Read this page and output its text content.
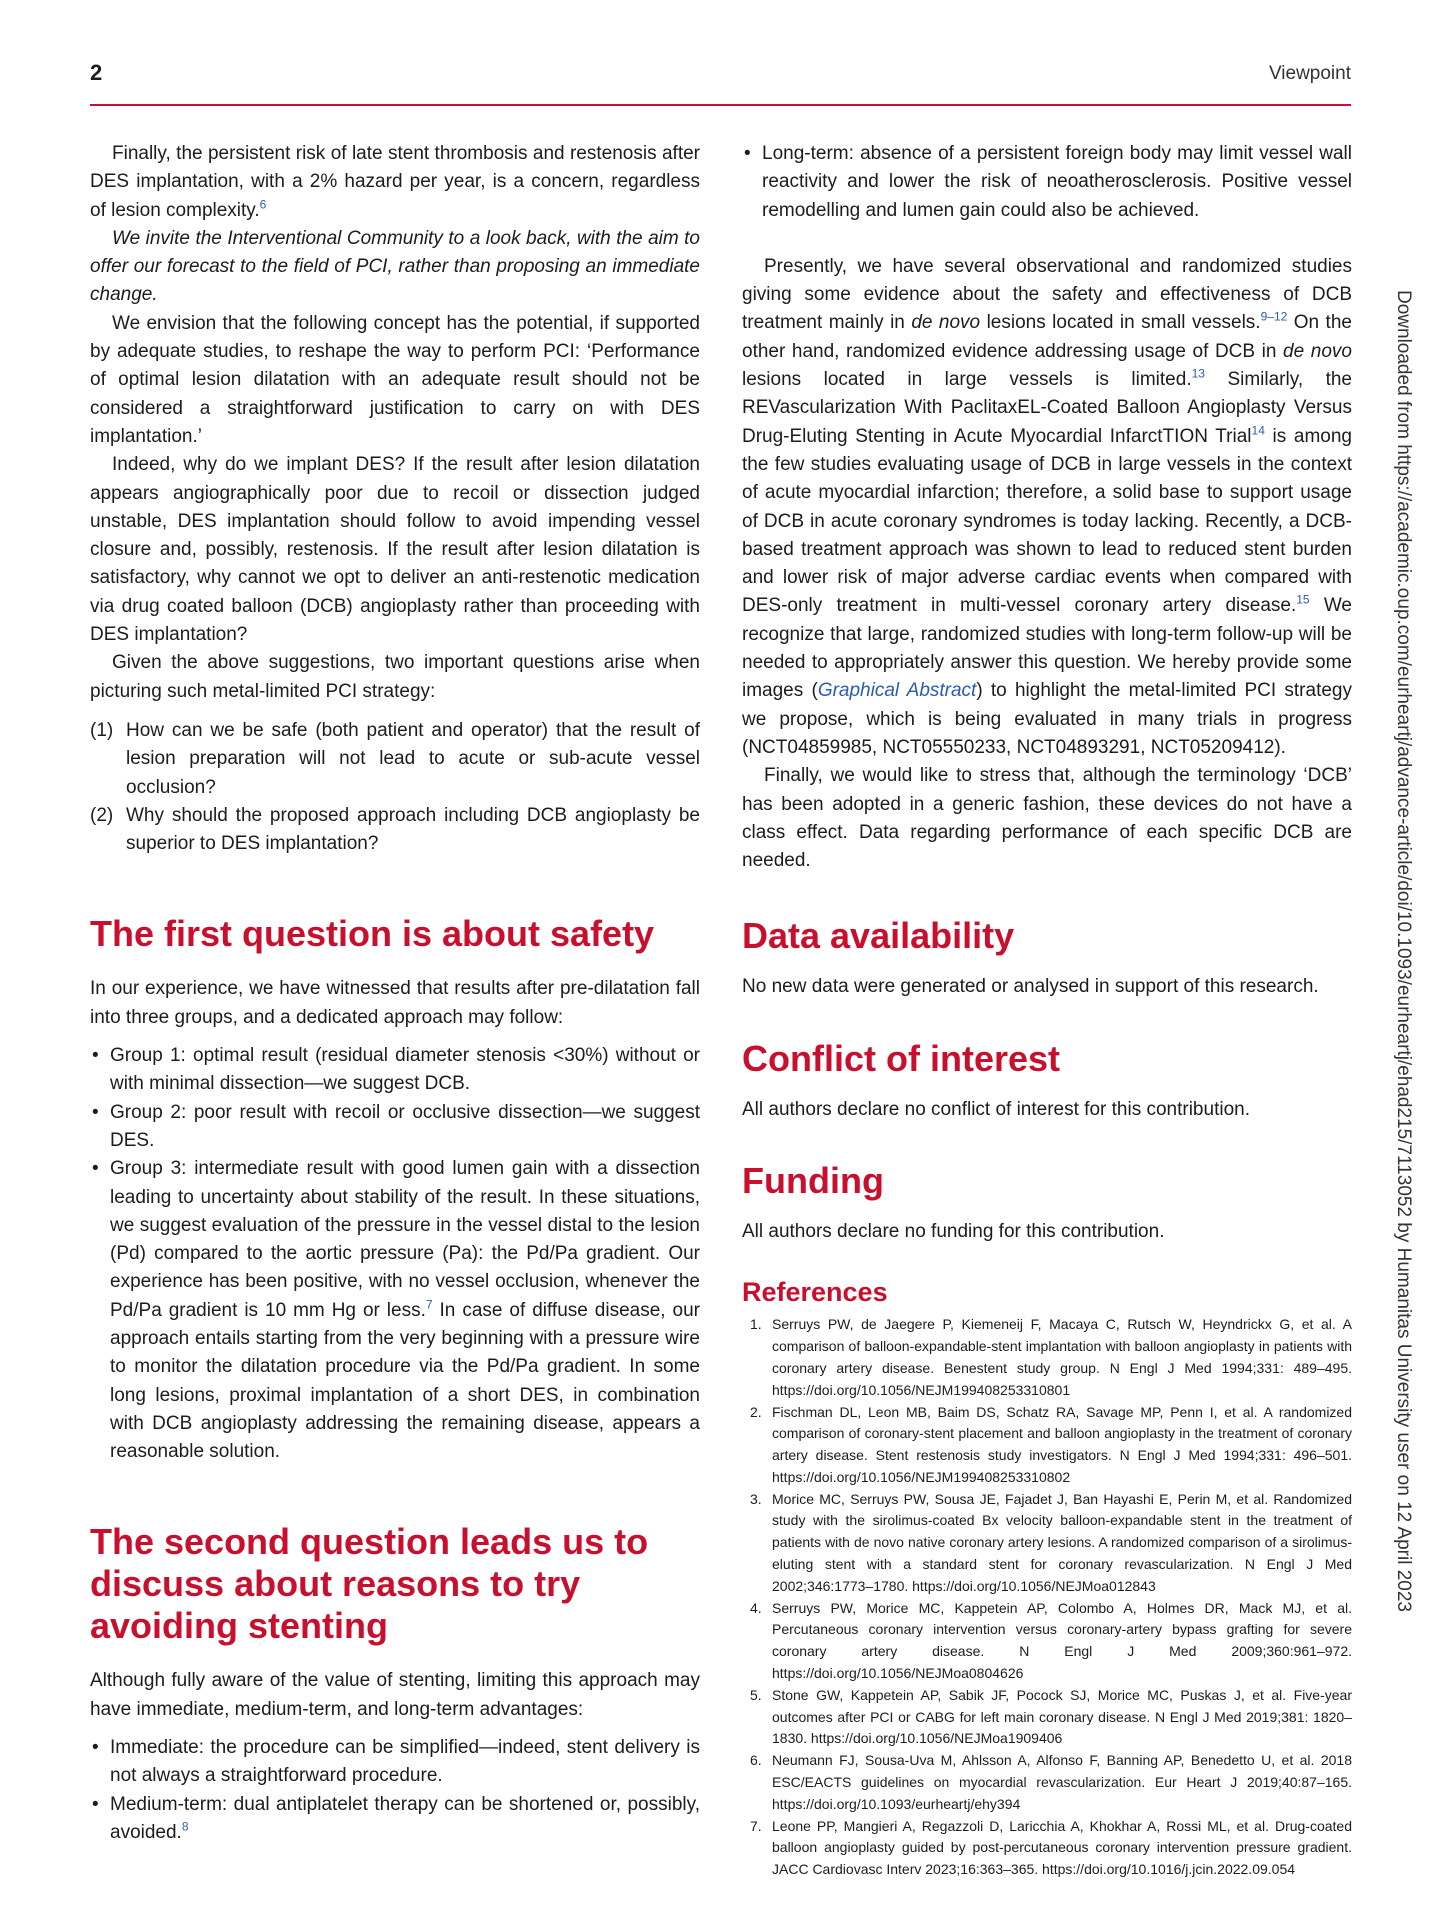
2	Viewpoint

Finally, the persistent risk of late stent thrombosis and restenosis after DES implantation, with a 2% hazard per year, is a concern, regardless of lesion complexity.$^6$

We invite the Interventional Community to a look back, with the aim to offer our forecast to the field of PCI, rather than proposing an immediate change.

We envision that the following concept has the potential, if supported by adequate studies, to reshape the way to perform PCI: ‘Performance of optimal lesion dilatation with an adequate result should not be considered a straightforward justification to carry on with DES implantation.’

Indeed, why do we implant DES? If the result after lesion dilatation appears angiographically poor due to recoil or dissection judged unstable, DES implantation should follow to avoid impending vessel closure and, possibly, restenosis. If the result after lesion dilatation is satisfactory, why cannot we opt to deliver an anti-restenotic medication via drug coated balloon (DCB) angioplasty rather than proceeding with DES implantation?

Given the above suggestions, two important questions arise when picturing such metal-limited PCI strategy:

(1) How can we be safe (both patient and operator) that the result of lesion preparation will not lead to acute or sub-acute vessel occlusion?
(2) Why should the proposed approach including DCB angioplasty be superior to DES implantation?
The first question is about safety

In our experience, we have witnessed that results after pre-dilatation fall into three groups, and a dedicated approach may follow:

• Group 1: optimal result (residual diameter stenosis <30%) without or with minimal dissection—we suggest DCB.
• Group 2: poor result with recoil or occlusive dissection—we suggest DES.
• Group 3: intermediate result with good lumen gain with a dissection leading to uncertainty about stability of the result. In these situations, we suggest evaluation of the pressure in the vessel distal to the lesion (Pd) compared to the aortic pressure (Pa): the Pd/Pa gradient. Our experience has been positive, with no vessel occlusion, whenever the Pd/Pa gradient is 10 mm Hg or less.$^7$ In case of diffuse disease, our approach entails starting from the very beginning with a pressure wire to monitor the dilatation procedure via the Pd/Pa gradient. In some long lesions, proximal implantation of a short DES, in combination with DCB angioplasty addressing the remaining disease, appears a reasonable solution.
The second question leads us to discuss about reasons to try avoiding stenting

Although fully aware of the value of stenting, limiting this approach may have immediate, medium-term, and long-term advantages:

• Immediate: the procedure can be simplified—indeed, stent delivery is not always a straightforward procedure.
• Medium-term: dual antiplatelet therapy can be shortened or, possibly, avoided.$^8$
• Long-term: absence of a persistent foreign body may limit vessel wall reactivity and lower the risk of neoatherosclerosis. Positive vessel remodelling and lumen gain could also be achieved.

Presently, we have several observational and randomized studies giving some evidence about the safety and effectiveness of DCB treatment mainly in de novo lesions located in small vessels.$^{9-12}$ On the other hand, randomized evidence addressing usage of DCB in de novo lesions located in large vessels is limited.$^{13}$ Similarly, the REVascularization With PaclitaxEL-Coated Balloon Angioplasty Versus Drug-Eluting Stenting in Acute Myocardial InfarctTION Trial$^{14}$ is among the few studies evaluating usage of DCB in large vessels in the context of acute myocardial infarction; therefore, a solid base to support usage of DCB in acute coronary syndromes is today lacking. Recently, a DCB-based treatment approach was shown to lead to reduced stent burden and lower risk of major adverse cardiac events when compared with DES-only treatment in multi-vessel coronary artery disease.$^{15}$ We recognize that large, randomized studies with long-term follow-up will be needed to appropriately answer this question. We hereby provide some images (Graphical Abstract) to highlight the metal-limited PCI strategy we propose, which is being evaluated in many trials in progress (NCT04859985, NCT05550233, NCT04893291, NCT05209412).

Finally, we would like to stress that, although the terminology ‘DCB’ has been adopted in a generic fashion, these devices do not have a class effect. Data regarding performance of each specific DCB are needed.

Data availability

No new data were generated or analysed in support of this research.

Conflict of interest

All authors declare no conflict of interest for this contribution.

Funding

All authors declare no funding for this contribution.

References
1. Serruys PW, de Jaegere P, Kiemeneij F, Macaya C, Rutsch W, Heyndrickx G, et al. A comparison of balloon-expandable-stent implantation with balloon angioplasty in patients with coronary artery disease. Benestent study group. N Engl J Med 1994;331: 489–495. https://doi.org/10.1056/NEJM199408253310801
2. Fischman DL, Leon MB, Baim DS, Schatz RA, Savage MP, Penn I, et al. A randomized comparison of coronary-stent placement and balloon angioplasty in the treatment of coronary artery disease. Stent restenosis study investigators. N Engl J Med 1994;331: 496–501. https://doi.org/10.1056/NEJM199408253310802
3. Morice MC, Serruys PW, Sousa JE, Fajadet J, Ban Hayashi E, Perin M, et al. Randomized study with the sirolimus-coated Bx velocity balloon-expandable stent in the treatment of patients with de novo native coronary artery lesions. A randomized comparison of a sirolimus-eluting stent with a standard stent for coronary revascularization. N Engl J Med 2002;346:1773–1780. https://doi.org/10.1056/NEJMoa012843
4. Serruys PW, Morice MC, Kappetein AP, Colombo A, Holmes DR, Mack MJ, et al. Percutaneous coronary intervention versus coronary-artery bypass grafting for severe coronary artery disease. N Engl J Med 2009;360:961–972. https://doi.org/10.1056/NEJMoa0804626
5. Stone GW, Kappetein AP, Sabik JF, Pocock SJ, Morice MC, Puskas J, et al. Five-year outcomes after PCI or CABG for left main coronary disease. N Engl J Med 2019;381: 1820–1830. https://doi.org/10.1056/NEJMoa1909406
6. Neumann FJ, Sousa-Uva M, Ahlsson A, Alfonso F, Banning AP, Benedetto U, et al. 2018 ESC/EACTS guidelines on myocardial revascularization. Eur Heart J 2019;40:87–165. https://doi.org/10.1093/eurheartj/ehy394
7. Leone PP, Mangieri A, Regazzoli D, Laricchia A, Khokhar A, Rossi ML, et al. Drug-coated balloon angioplasty guided by post-percutaneous coronary intervention pressure gradient. JACC Cardiovasc Interv 2023;16:363–365. https://doi.org/10.1016/j.jcin.2022.09.054
Downloaded from https://academic.oup.com/eurheartj/advance-article/doi/10.1093/eurheartj/ehad215/7113052 by Humanitas University user on 12 April 2023
